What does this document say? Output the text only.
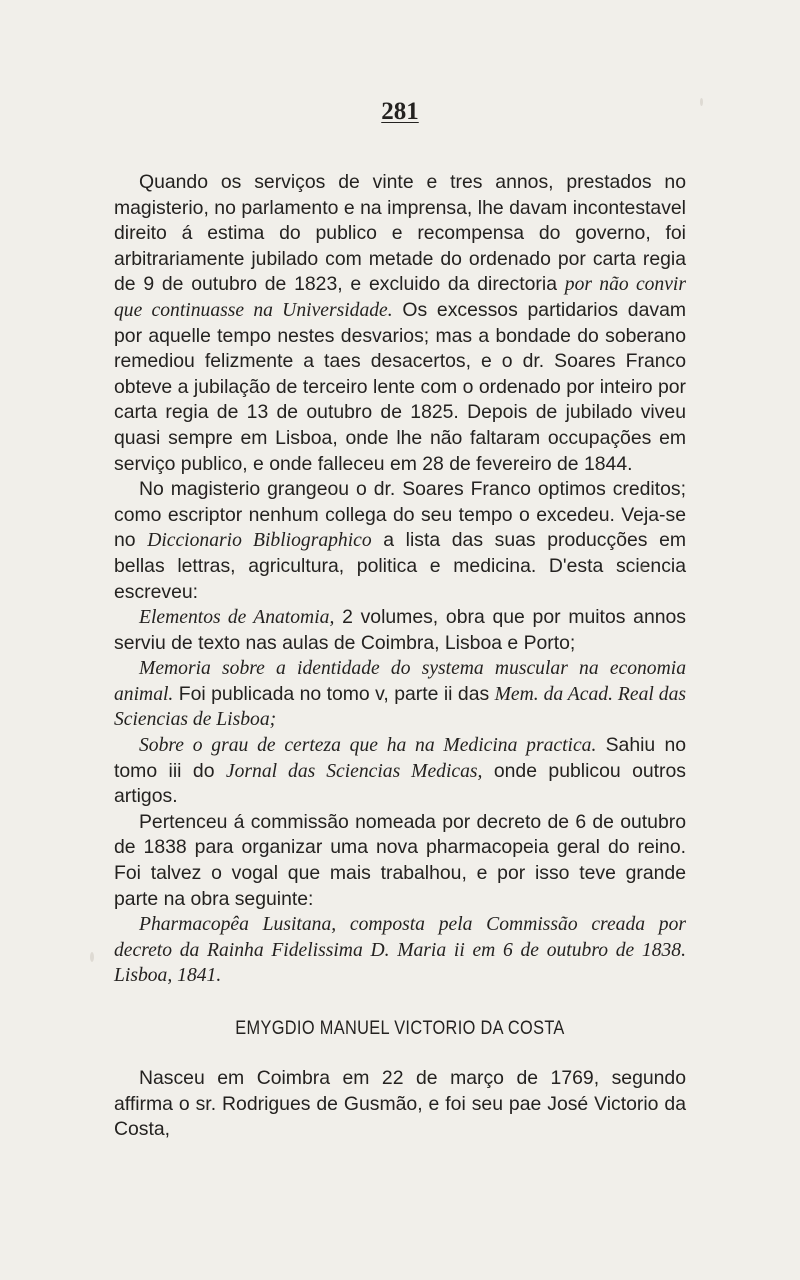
281

Quando os serviços de vinte e tres annos, prestados no magisterio, no parlamento e na imprensa, lhe davam incontestavel direito á estima do publico e recompensa do governo, foi arbitrariamente jubilado com metade do ordenado por carta regia de 9 de outubro de 1823, e excluido da directoria por não convir que continuasse na Universidade. Os excessos partidarios davam por aquelle tempo nestes desvarios; mas a bondade do soberano remediou felizmente a taes desacertos, e o dr. Soares Franco obteve a jubilação de terceiro lente com o ordenado por inteiro por carta regia de 13 de outubro de 1825. Depois de jubilado viveu quasi sempre em Lisboa, onde lhe não faltaram occupações em serviço publico, e onde falleceu em 28 de fevereiro de 1844.

No magisterio grangeou o dr. Soares Franco optimos creditos; como escriptor nenhum collega do seu tempo o excedeu. Veja-se no Diccionario Bibliographico a lista das suas producções em bellas lettras, agricultura, politica e medicina. D'esta sciencia escreveu:

Elementos de Anatomia, 2 volumes, obra que por muitos annos serviu de texto nas aulas de Coimbra, Lisboa e Porto;

Memoria sobre a identidade do systema muscular na economia animal. Foi publicada no tomo v, parte ii das Mem. da Acad. Real das Sciencias de Lisboa;

Sobre o grau de certeza que ha na Medicina practica. Sahiu no tomo iii do Jornal das Sciencias Medicas, onde publicou outros artigos.

Pertenceu á commissão nomeada por decreto de 6 de outubro de 1838 para organizar uma nova pharmacopeia geral do reino. Foi talvez o vogal que mais trabalhou, e por isso teve grande parte na obra seguinte:

Pharmacopêa Lusitana, composta pela Commissão creada por decreto da Rainha Fidelissima D. Maria ii em 6 de outubro de 1838. Lisboa, 1841.

EMYGDIO MANUEL VICTORIO DA COSTA

Nasceu em Coimbra em 22 de março de 1769, segundo affirma o sr. Rodrigues de Gusmão, e foi seu pae José Victorio da Costa,
